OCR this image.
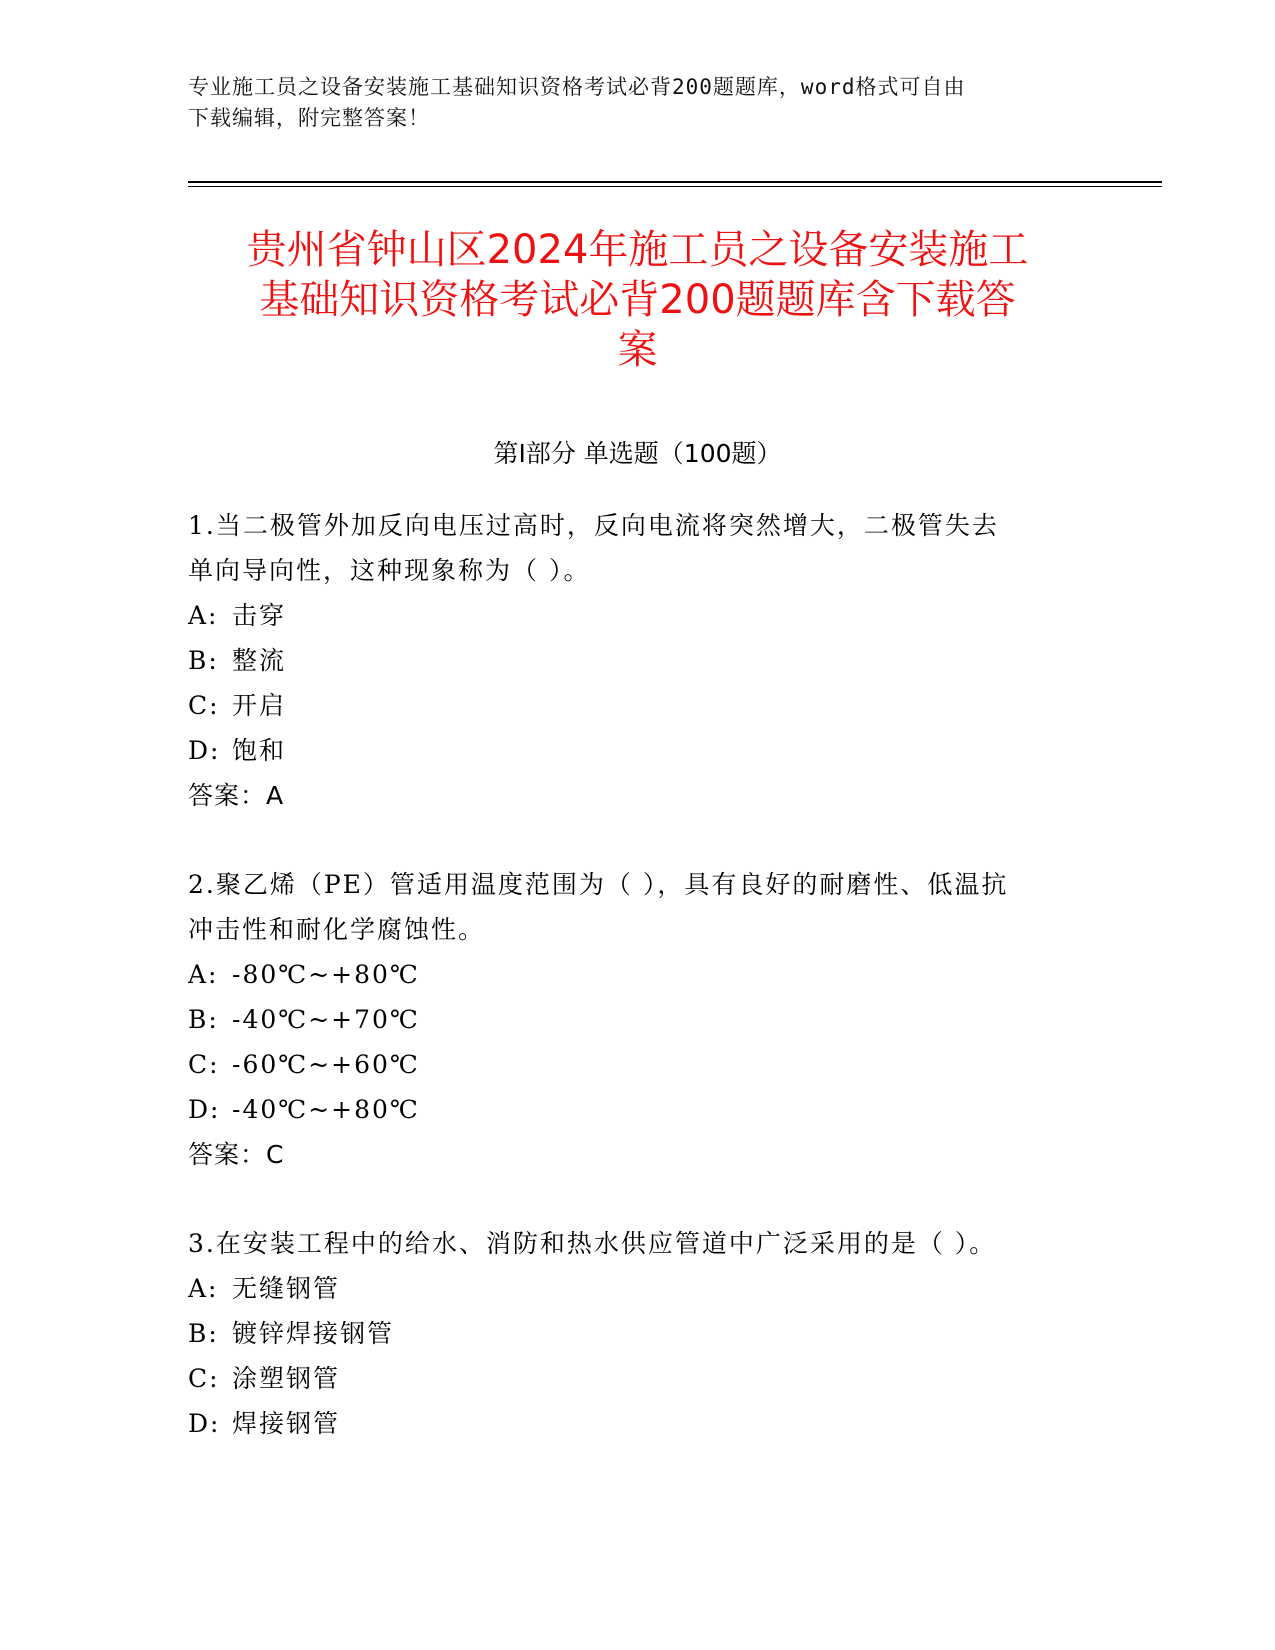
专业施工员之设备安装施工基础知识资格考试必背200题题库，word格式可自由
下载编辑，附完整答案！
贵州省钟山区2024年施工员之设备安装施工
基础知识资格考试必背200题题库含下载答
案
第Ⅰ部分 单选题（100题）
1.当二极管外加反向电压过高时，反向电流将突然增大，二极管失去
单向导向性，这种现象称为（ ）。
A: 击穿
B: 整流
C: 开启
D: 饱和
答案：A
2.聚乙烯（PE）管适用温度范围为（ ），具有良好的耐磨性、低温抗
冲击性和耐化学腐蚀性。
A: -80℃~+80℃
B: -40℃~+70℃
C: -60℃~+60℃
D: -40℃~+80℃
答案：C
3.在安装工程中的给水、消防和热水供应管道中广泛采用的是（ ）。
A: 无缝钢管
B: 镀锌焊接钢管
C: 涂塑钢管
D: 焊接钢管
